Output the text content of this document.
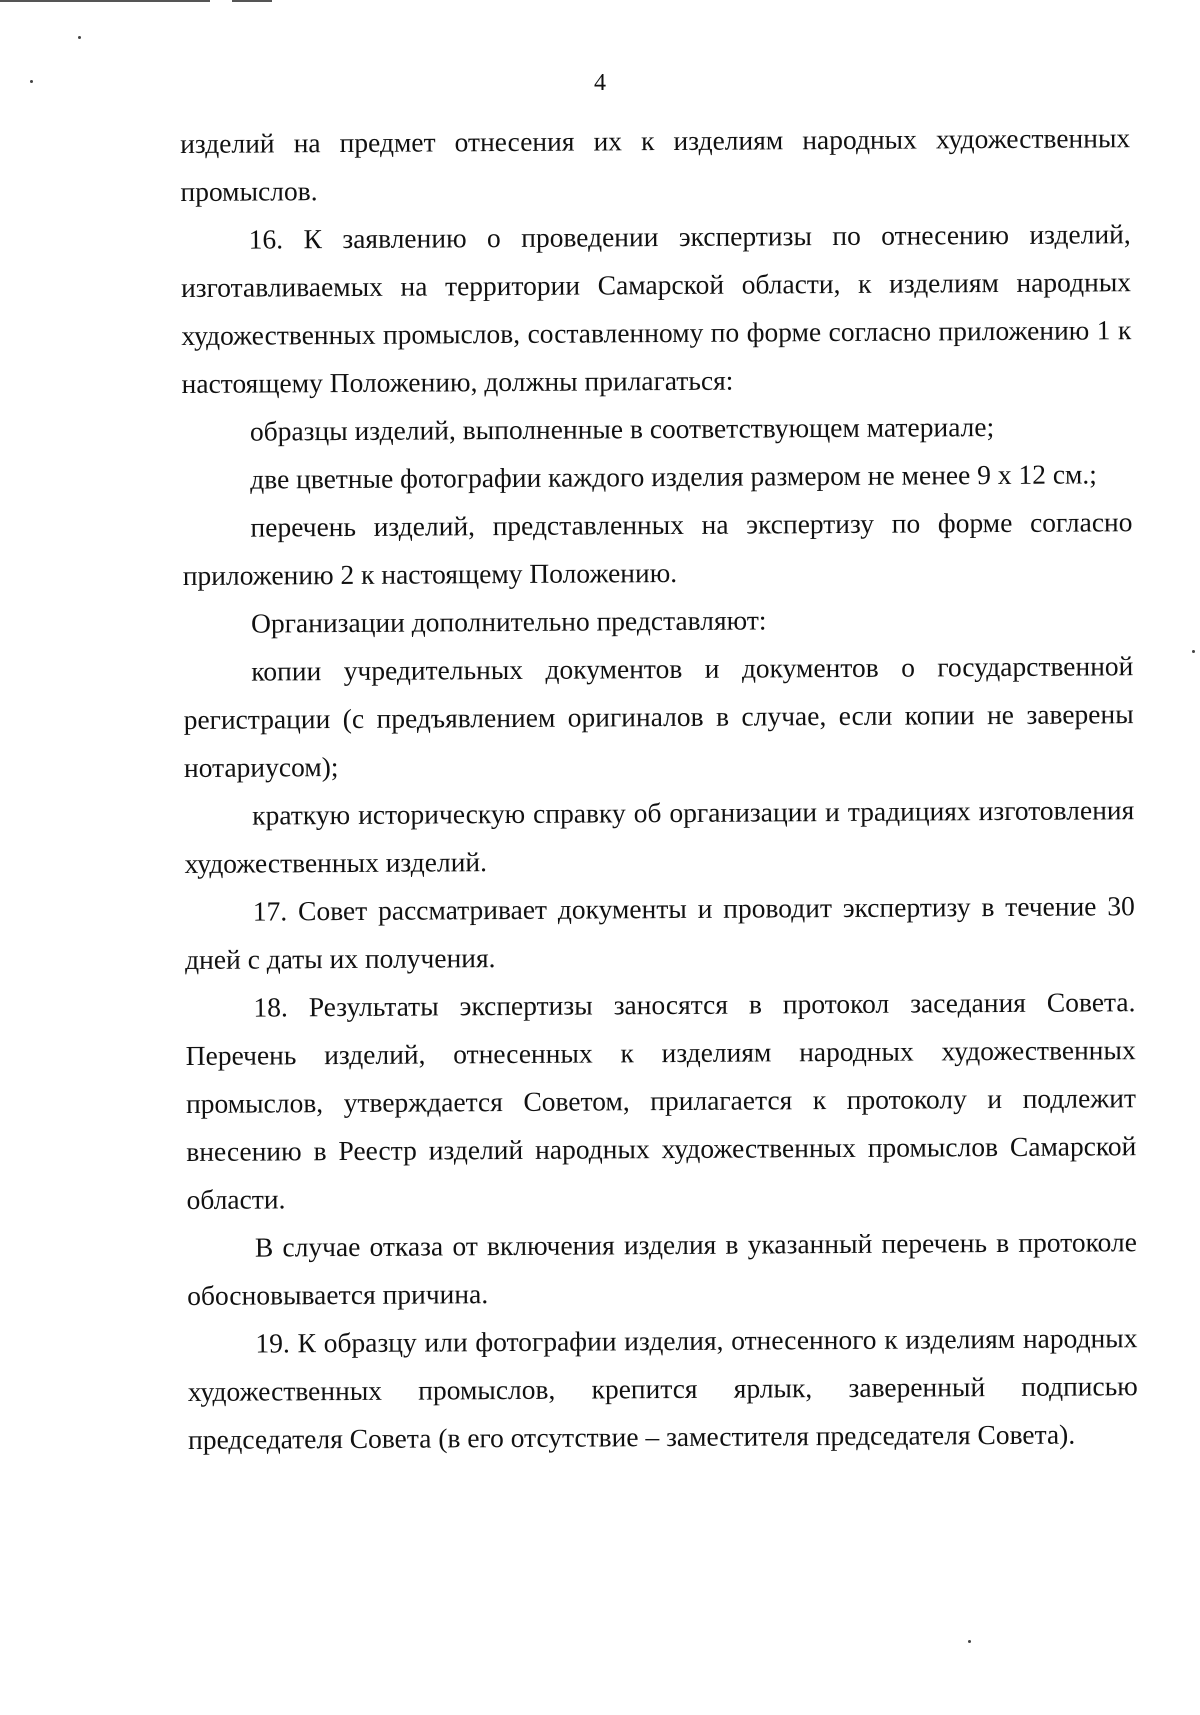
4

изделий на предмет отнесения их к изделиям народных художественных промыслов.

16. К заявлению о проведении экспертизы по отнесению изделий, изготавливаемых на территории Самарской области, к изделиям народных художественных промыслов, составленному по форме согласно приложению 1 к настоящему Положению, должны прилагаться:

образцы изделий, выполненные в соответствующем материале;

две цветные фотографии каждого изделия размером не менее 9 х 12 см.;

перечень изделий, представленных на экспертизу по форме согласно приложению 2 к настоящему Положению.

Организации дополнительно представляют:

копии учредительных документов и документов о государственной регистрации (с предъявлением оригиналов в случае, если копии не заверены нотариусом);

краткую историческую справку об организации и традициях изготовления художественных изделий.

17. Совет рассматривает документы и проводит экспертизу в течение 30 дней с даты их получения.

18. Результаты экспертизы заносятся в протокол заседания Совета. Перечень изделий, отнесенных к изделиям народных художественных промыслов, утверждается Советом, прилагается к протоколу и подлежит внесению в Реестр изделий народных художественных промыслов Самарской области.

В случае отказа от включения изделия в указанный перечень в протоколе обосновывается причина.

19. К образцу или фотографии изделия, отнесенного к изделиям народных художественных промыслов, крепится ярлык, заверенный подписью председателя Совета (в его отсутствие – заместителя председателя Совета).
